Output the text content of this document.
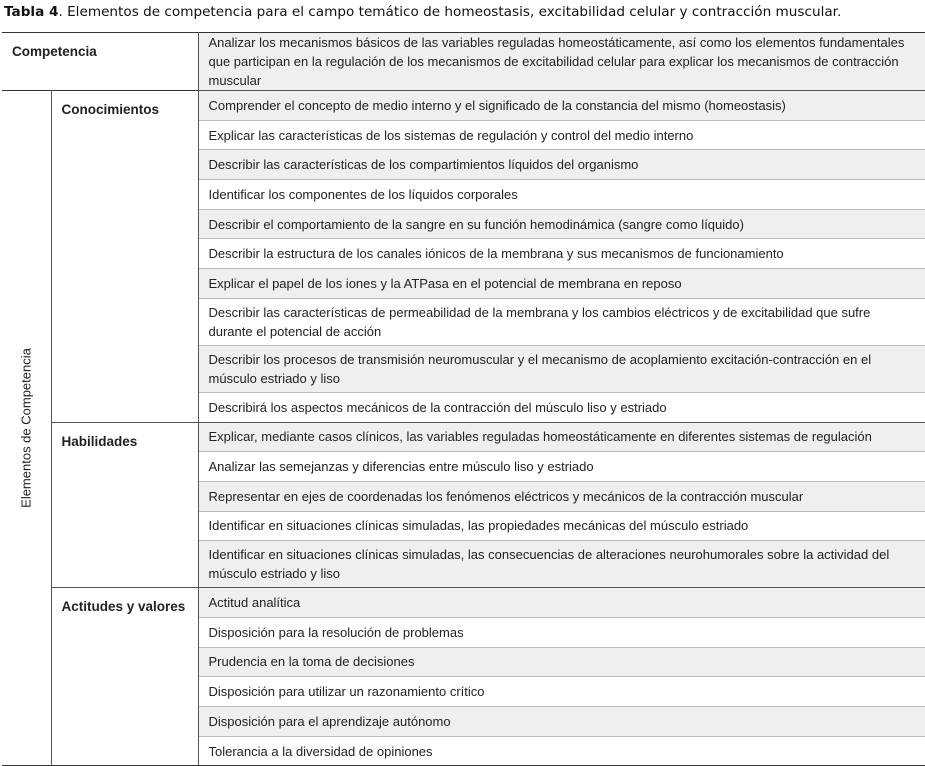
Tabla 4. Elementos de competencia para el campo temático de homeostasis, excitabilidad celular y contracción muscular.
Competencia		Analizar los mecanismos básicos de las variables reguladas homeostáticamente, así como los elementos fundamentales que participan en la regulación de los mecanismos de excitabilidad celular para explicar los mecanismos de contracción muscular

Elementos de Competencia	Conocimientos	Comprender el concepto de medio interno y el significado de la constancia del mismo (homeostasis)
		Explicar las características de los sistemas de regulación y control del medio interno
		Describir las características de los compartimientos líquidos del organismo
		Identificar los componentes de los líquidos corporales
		Describir el comportamiento de la sangre en su función hemodinámica (sangre como líquido)
		Describir la estructura de los canales iónicos de la membrana y sus mecanismos de funcionamiento
		Explicar el papel de los iones y la ATPasa en el potencial de membrana en reposo
		Describir las características de permeabilidad de la membrana y los cambios eléctricos y de excitabilidad que sufre durante el potencial de acción
		Describir los procesos de transmisión neuromuscular y el mecanismo de acoplamiento excitación-contracción en el músculo estriado y liso
		Describirá los aspectos mecánicos de la contracción del músculo liso y estriado
	Habilidades	Explicar, mediante casos clínicos, las variables reguladas homeostáticamente en diferentes sistemas de regulación
		Analizar las semejanzas y diferencias entre músculo liso y estriado
		Representar en ejes de coordenadas los fenómenos eléctricos y mecánicos de la contracción muscular
		Identificar en situaciones clínicas simuladas, las propiedades mecánicas del músculo estriado
		Identificar en situaciones clínicas simuladas, las consecuencias de alteraciones neurohumorales sobre la actividad del músculo estriado y liso
	Actitudes y valores	Actitud analítica
		Disposición para la resolución de problemas
		Prudencia en la toma de decisiones
		Disposición para utilizar un razonamiento crítico
		Disposición para el aprendizaje autónomo
		Tolerancia a la diversidad de opiniones
